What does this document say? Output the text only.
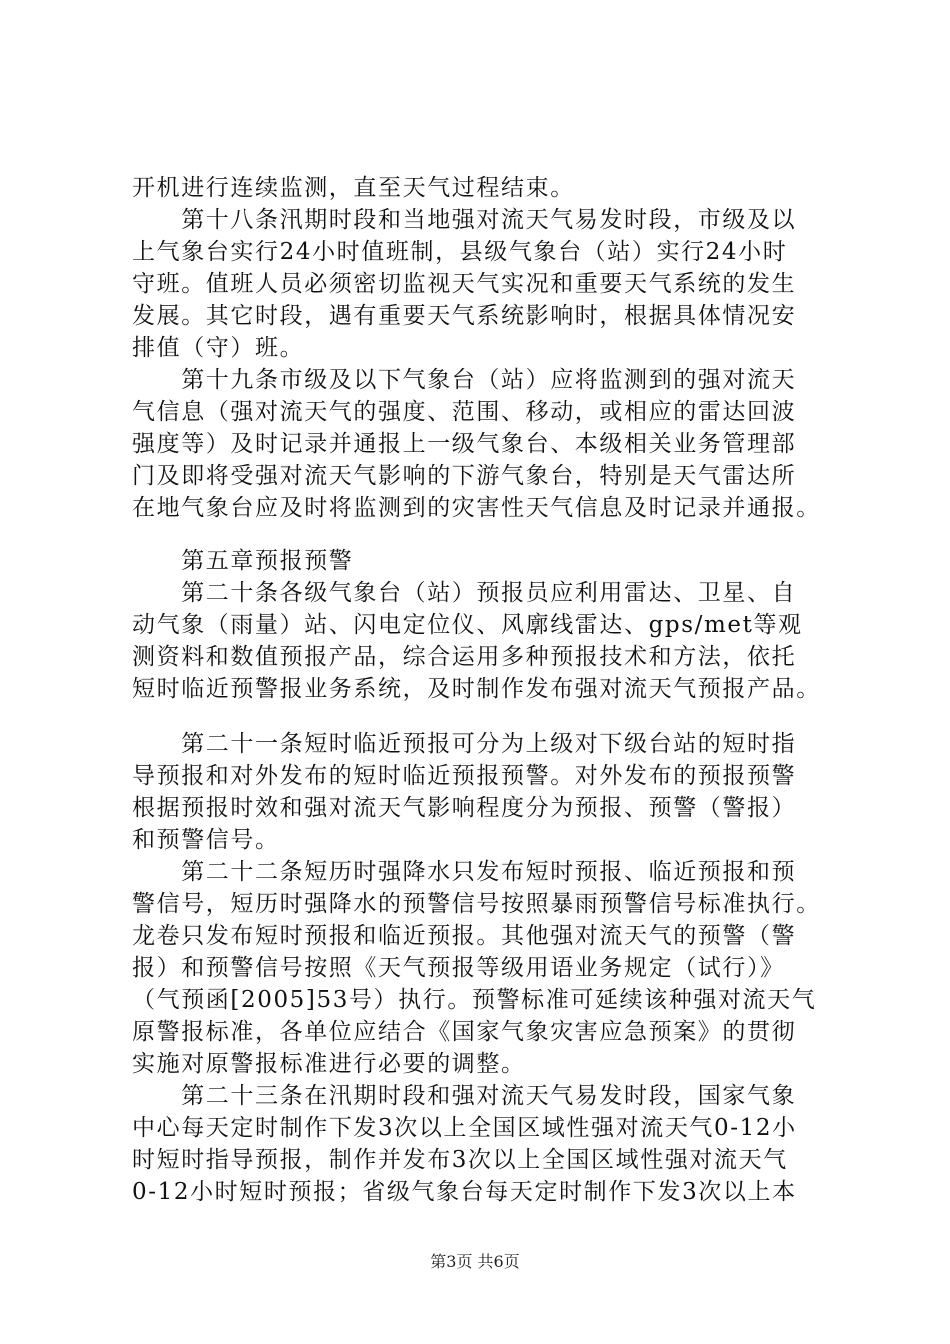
开机进行连续监测，直至天气过程结束。
　　第十八条汛期时段和当地强对流天气易发时段，市级及以
上气象台实行24小时值班制，县级气象台（站）实行24小时
守班。值班人员必须密切监视天气实况和重要天气系统的发生
发展。其它时段，遇有重要天气系统影响时，根据具体情况安
排值（守）班。
　　第十九条市级及以下气象台（站）应将监测到的强对流天
气信息（强对流天气的强度、范围、移动，或相应的雷达回波
强度等）及时记录并通报上一级气象台、本级相关业务管理部
门及即将受强对流天气影响的下游气象台，特别是天气雷达所
在地气象台应及时将监测到的灾害性天气信息及时记录并通报。
　　第五章预报预警
　　第二十条各级气象台（站）预报员应利用雷达、卫星、自
动气象（雨量）站、闪电定位仪、风廓线雷达、gps/met等观
测资料和数值预报产品，综合运用多种预报技术和方法，依托
短时临近预警报业务系统，及时制作发布强对流天气预报产品。
　　第二十一条短时临近预报可分为上级对下级台站的短时指
导预报和对外发布的短时临近预报预警。对外发布的预报预警
根据预报时效和强对流天气影响程度分为预报、预警（警报）
和预警信号。
　　第二十二条短历时强降水只发布短时预报、临近预报和预
警信号，短历时强降水的预警信号按照暴雨预警信号标准执行。
龙卷只发布短时预报和临近预报。其他强对流天气的预警（警
报）和预警信号按照《天气预报等级用语业务规定（试行）》
（气预函[2005]53号）执行。预警标准可延续该种强对流天气
原警报标准，各单位应结合《国家气象灾害应急预案》的贯彻
实施对原警报标准进行必要的调整。
　　第二十三条在汛期时段和强对流天气易发时段，国家气象
中心每天定时制作下发3次以上全国区域性强对流天气0-12小
时短时指导预报，制作并发布3次以上全国区域性强对流天气
0-12小时短时预报；省级气象台每天定时制作下发3次以上本
第3页 共6页
